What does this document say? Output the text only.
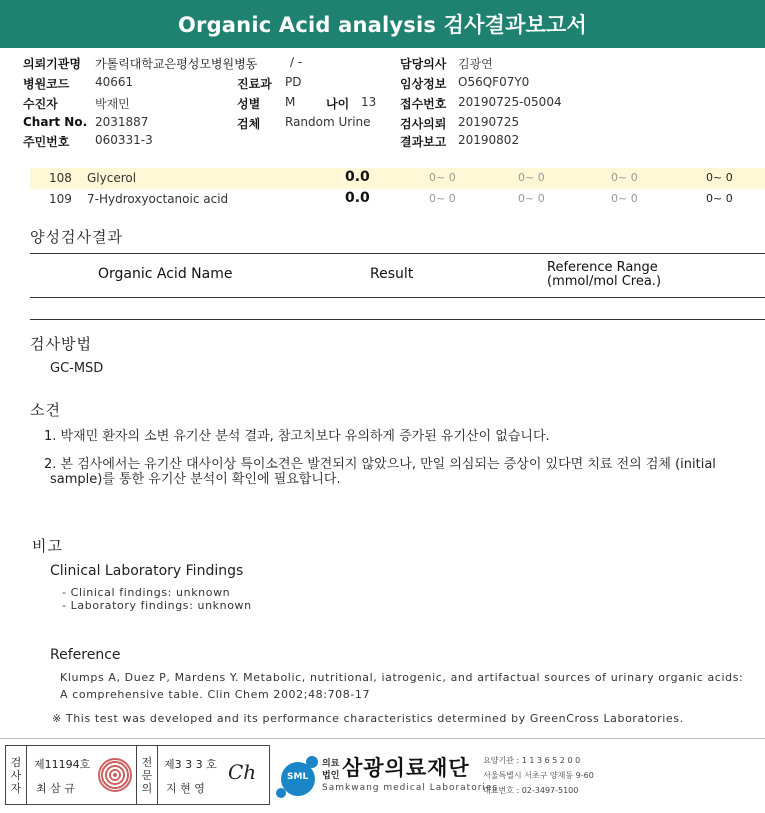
Organic Acid analysis 검사결과보고서
의뢰기관명 가톨릭대학교은평성모병원병동	/ -	담당의사 김광연
병원코드 40661	진료과 PD	임상정보 O56QF07Y0
수진자	박재민	성별 M	나이 13 접수번호 20190725-05004
Chart No. 2031887	검체 Random Urine 검사의뢰 20190725
주민번호 060331-3	결과보고 20190802
108 Glycerol	0.0	0~ 0	0~ 0	0~ 0	0~ 0
109 7-Hydroxyoctanoic acid	0.0	0~ 0	0~ 0	0~ 0	0~ 0
양성검사결과
Organic Acid Name	Result	Reference Range
(mmol/mol Crea.)
검사방법
GC-MSD
소견
1. 박재민 환자의 소변 유기산 분석 결과, 참고치보다 유의하게 증가된 유기산이 없습니다.
2. 본 검사에서는 유기산 대사이상 특이소견은 발견되지 않았으나, 만일 의심되는 증상이 있다면 치료 전의 검체 (initial
sample)를 통한 유기산 분석이 확인에 필요합니다.
비고
Clinical Laboratory Findings
- Clinical findings: unknown
- Laboratory findings: unknown
Reference
Klumps A, Duez P, Mardens Y. Metabolic, nutritional, iatrogenic, and artifactual sources of urinary organic acids:
A comprehensive table. Clin Chem 2002;48:708-17
※ This test was developed and its performance characteristics determined by GreenCross Laboratories.
검
사
자
제11194호
최 삼 규
전
문
의
제3 3 3 호
지 현 영
Ch	SML
의료
법인 삼광의료재단
Samkwang medical Laboratories
요양기관 : 1 1 3 6 5 2 0 0
서울특별시 서초구 양재동 9-60
대표번호 : 02-3497-5100
